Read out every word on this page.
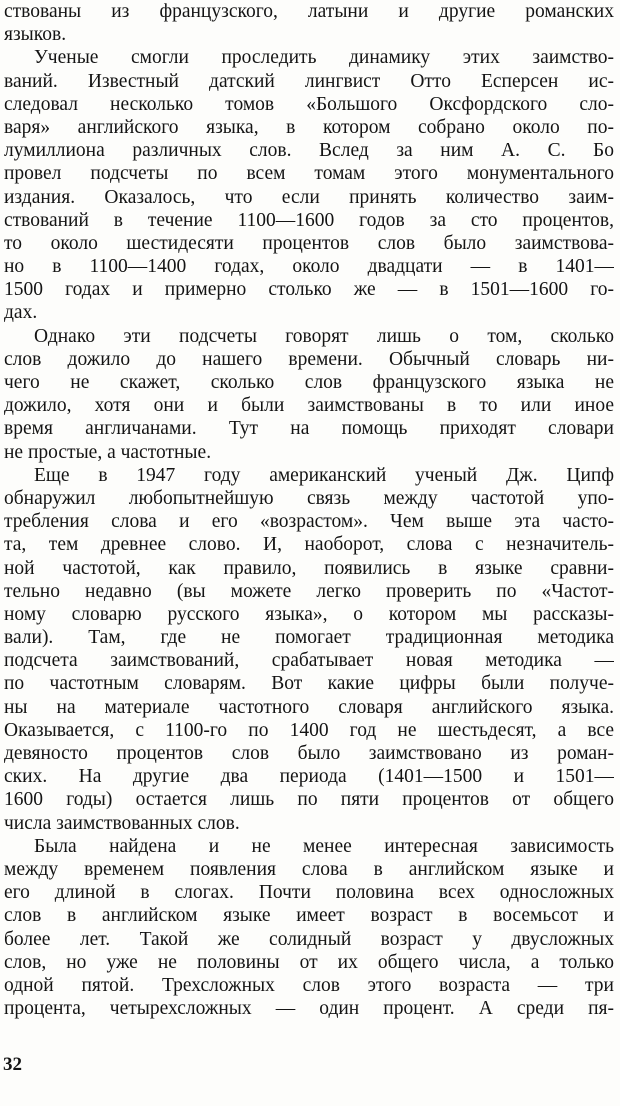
ствованы из французского, латыни и другие романских
языков.
Ученые смогли проследить динамику этих заимство-
ваний. Известный датский лингвист Отто Есперсен ис-
следовал несколько томов «Большого Оксфордского сло-
варя» английского языка, в котором собрано около по-
лумиллиона различных слов. Вслед за ним А. С. Бо
провел подсчеты по всем томам этого монументального
издания. Оказалось, что если принять количество заим-
ствований в течение 1100—1600 годов за сто процентов,
то около шестидесяти процентов слов было заимствова-
но в 1100—1400 годах, около двадцати — в 1401—
1500 годах и примерно столько же — в 1501—1600 го-
дах.
Однако эти подсчеты говорят лишь о том, сколько
слов дожило до нашего времени. Обычный словарь ни-
чего не скажет, сколько слов французского языка не
дожило, хотя они и были заимствованы в то или иное
время англичанами. Тут на помощь приходят словари
не простые, а частотные.
Еще в 1947 году американский ученый Дж. Ципф
обнаружил любопытнейшую связь между частотой упо-
требления слова и его «возрастом». Чем выше эта часто-
та, тем древнее слово. И, наоборот, слова с незначитель-
ной частотой, как правило, появились в языке сравни-
тельно недавно (вы можете легко проверить по «Частот-
ному словарю русского языка», о котором мы рассказы-
вали). Там, где не помогает традиционная методика
подсчета заимствований, срабатывает новая методика —
по частотным словарям. Вот какие цифры были получе-
ны на материале частотного словаря английского языка.
Оказывается, с 1100-го по 1400 год не шестьдесят, а все
девяносто процентов слов было заимствовано из роман-
ских. На другие два периода (1401—1500 и 1501—
1600 годы) остается лишь по пяти процентов от общего
числа заимствованных слов.
Была найдена и не менее интересная зависимость
между временем появления слова в английском языке и
его длиной в слогах. Почти половина всех односложных
слов в английском языке имеет возраст в восемьсот и
более лет. Такой же солидный возраст у двусложных
слов, но уже не половины от их общего числа, а только
одной пятой. Трехсложных слов этого возраста — три
процента, четырехсложных — один процент. А среди пя-
32
